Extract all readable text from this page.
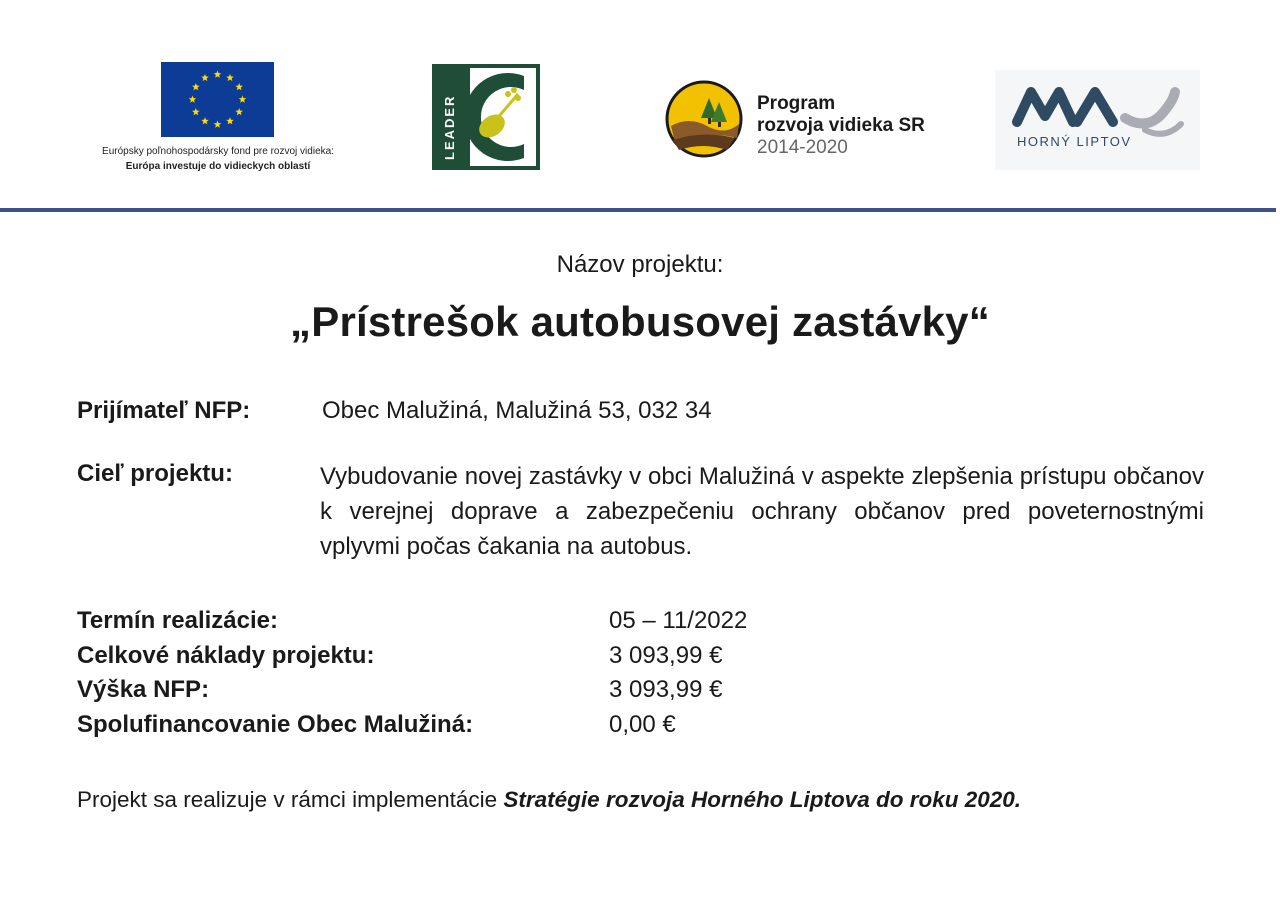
Európsky poľnohospodársky fond pre rozvoj vidieka:
Európa investuje do vidieckych oblastí
LEADER	Program
rozvoja vidieka SR
2014-2020	HORNÝ LIPTOV
Názov projektu:
„Prístrešok autobusovej zastávky“
Prijímateľ NFP:	Obec Malužiná, Malužiná 53, 032 34
Cieľ projektu:	Vybudovanie novej zastávky v obci Malužiná v aspekte zlepšenia prístupu občanov k verejnej doprave a zabezpečeniu ochrany občanov pred poveternostnými vplyvmi počas čakania na autobus.
Termín realizácie:	05 – 11/2022
Celkové náklady projektu:	3 093,99 €
Výška NFP:	3 093,99 €
Spolufinancovanie Obec Malužiná:	0,00 €
Projekt sa realizuje v rámci implementácie Stratégie rozvoja Horného Liptova do roku 2020.
